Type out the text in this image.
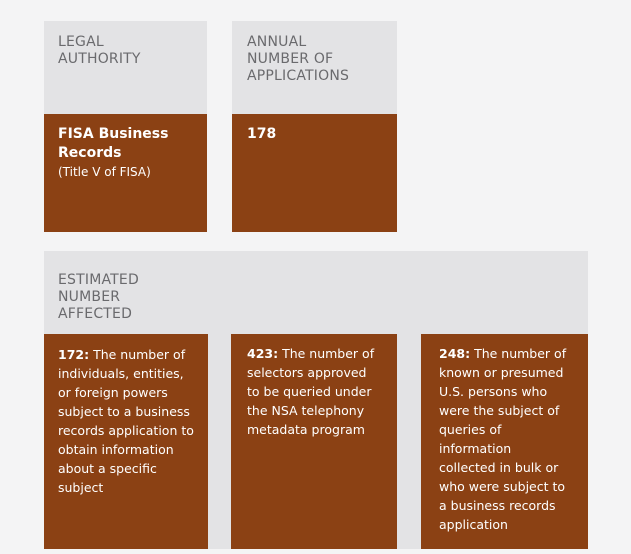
LEGAL
AUTHORITY
FISA Business
Records
(Title V of FISA)
ANNUAL
NUMBER OF
APPLICATIONS
178
ESTIMATED
NUMBER
AFFECTED
172: The number of individuals, entities, or foreign powers subject to a business records application to obtain information about a specific subject
423: The number of selectors approved to be queried under the NSA telephony metadata program
248: The number of known or presumed U.S. persons who were the subject of queries of information collected in bulk or who were subject to a business records application
